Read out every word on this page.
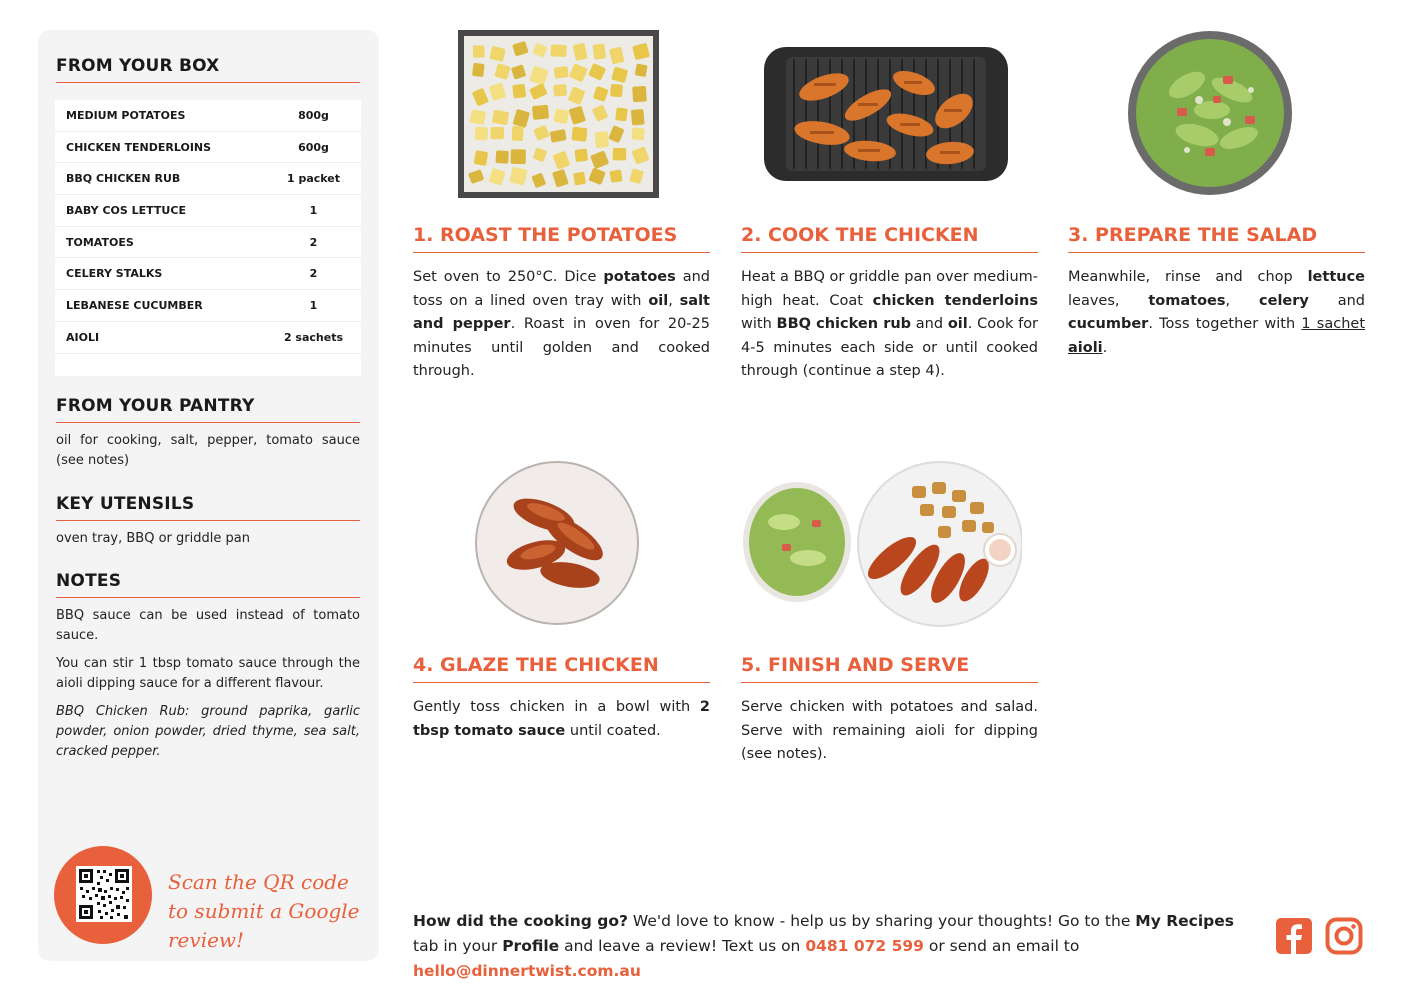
FROM YOUR BOX
MEDIUM POTATOES	800g
CHICKEN TENDERLOINS	600g
BBQ CHICKEN RUB	1 packet
BABY COS LETTUCE	1
TOMATOES	2
CELERY STALKS	2
LEBANESE CUCUMBER	1
AIOLI	2 sachets
FROM YOUR PANTRY
oil for cooking, salt, pepper, tomato sauce (see notes)
KEY UTENSILS
oven tray, BBQ or griddle pan
NOTES

BBQ sauce can be used instead of tomato sauce.

You can stir 1 tbsp tomato sauce through the aioli dipping sauce for a different flavour.

BBQ Chicken Rub: ground paprika, garlic powder, onion powder, dried thyme, sea salt, cracked pepper.

Scan the QR code to submit a Google review!
1. ROAST THE POTATOES
Set oven to 250°C. Dice potatoes and toss on a lined oven tray with oil, salt and pepper. Roast in oven for 20-25 minutes until golden and cooked through.
2. COOK THE CHICKEN
Heat a BBQ or griddle pan over medium-high heat. Coat chicken tenderloins with BBQ chicken rub and oil. Cook for 4-5 minutes each side or until cooked through (continue a step 4).
3. PREPARE THE SALAD
Meanwhile, rinse and chop lettuce leaves, tomatoes, celery and cucumber. Toss together with 1 sachet aioli.
4. GLAZE THE CHICKEN
Gently toss chicken in a bowl with 2 tbsp tomato sauce until coated.
5. FINISH AND SERVE
Serve chicken with potatoes and salad. Serve with remaining aioli for dipping (see notes).
How did the cooking go? We'd love to know - help us by sharing your thoughts! Go to the My Recipes tab in your Profile and leave a review! Text us on 0481 072 599 or send an email to hello@dinnertwist.com.au
